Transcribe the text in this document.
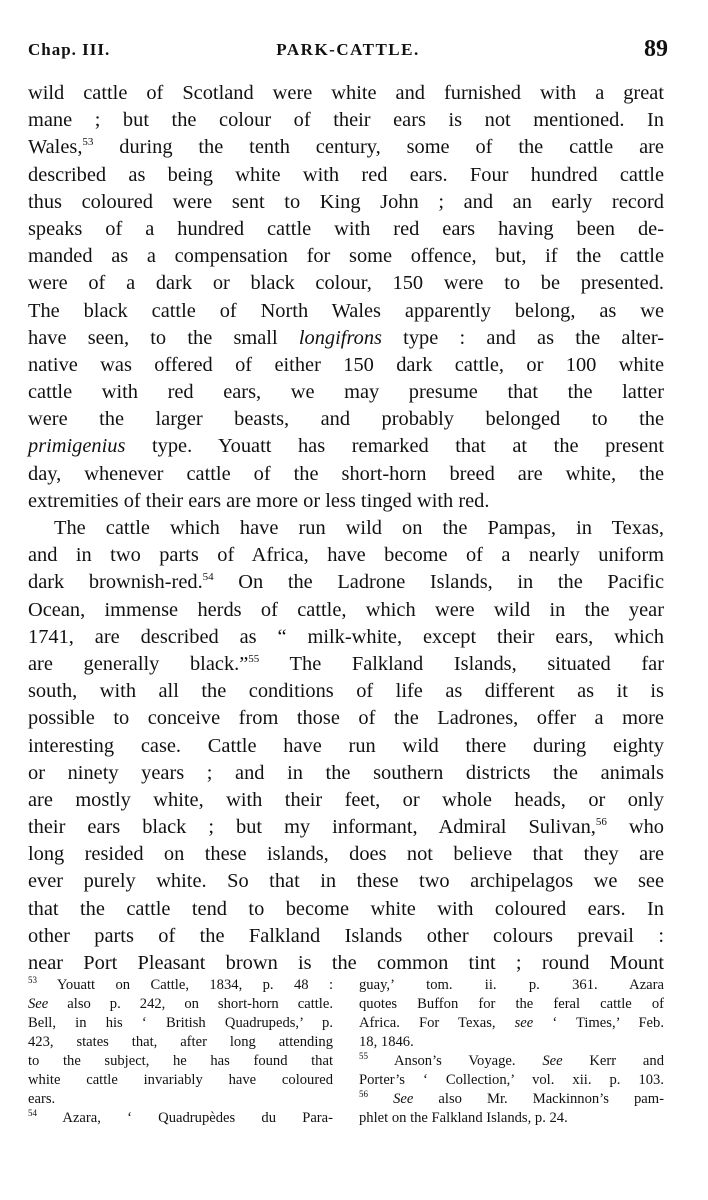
Chap. III.	PARK-CATTLE.	89
wild cattle of Scotland were white and furnished with a great
mane ; but the colour of their ears is not mentioned. In
Wales,$^{53}$ during the tenth century, some of the cattle are
described as being white with red ears. Four hundred cattle
thus coloured were sent to King John ; and an early record
speaks of a hundred cattle with red ears having been de-
manded as a compensation for some offence, but, if the cattle
were of a dark or black colour, 150 were to be presented.
The black cattle of North Wales apparently belong, as we
have seen, to the small longifrons type : and as the alter-
native was offered of either 150 dark cattle, or 100 white
cattle with red ears, we may presume that the latter
were the larger beasts, and probably belonged to the
primigenius type. Youatt has remarked that at the present
day, whenever cattle of the short-horn breed are white, the
extremities of their ears are more or less tinged with red.
The cattle which have run wild on the Pampas, in Texas,
and in two parts of Africa, have become of a nearly uniform
dark brownish-red.$^{54}$ On the Ladrone Islands, in the Pacific
Ocean, immense herds of cattle, which were wild in the year
1741, are described as “ milk-white, except their ears, which
are generally black.”$^{55}$ The Falkland Islands, situated far
south, with all the conditions of life as different as it is
possible to conceive from those of the Ladrones, offer a more
interesting case. Cattle have run wild there during eighty
or ninety years ; and in the southern districts the animals
are mostly white, with their feet, or whole heads, or only
their ears black ; but my informant, Admiral Sulivan,$^{56}$ who
long resided on these islands, does not believe that they are
ever purely white. So that in these two archipelagos we see
that the cattle tend to become white with coloured ears. In
other parts of the Falkland Islands other colours prevail :
near Port Pleasant brown is the common tint ; round Mount
$^{53}$ Youatt on Cattle, 1834, p. 48 :
See also p. 242, on short-horn cattle.
Bell, in his ‘ British Quadrupeds,’ p.
423, states that, after long attending
to the subject, he has found that
white cattle invariably have coloured
ears.
$^{54}$ Azara, ‘ Quadrupèdes du Para-
guay,’ tom. ii. p. 361. Azara
quotes Buffon for the feral cattle of
Africa. For Texas, see ‘ Times,’ Feb.
18, 1846.
$^{55}$ Anson’s Voyage. See Kerr and
Porter’s ‘ Collection,’ vol. xii. p. 103.
$^{56}$ See also Mr. Mackinnon’s pam-
phlet on the Falkland Islands, p. 24.
